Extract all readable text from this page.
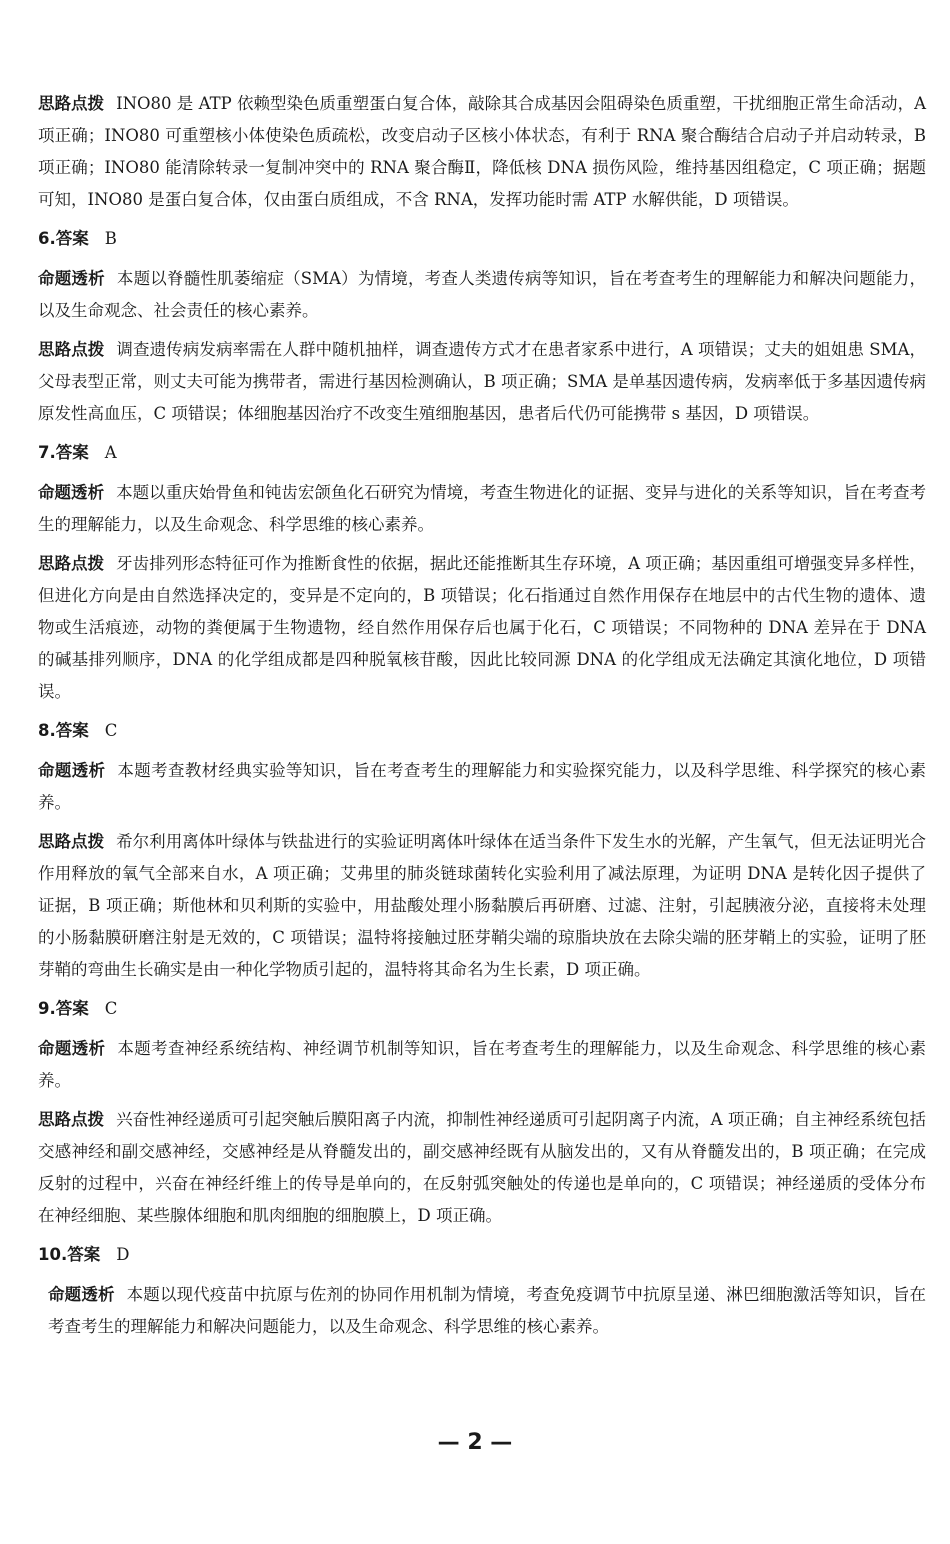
思路点拨 INO80 是 ATP 依赖型染色质重塑蛋白复合体，敲除其合成基因会阻碍染色质重塑，干扰细胞正常生命活动，A 项正确；INO80 可重塑核小体使染色质疏松，改变启动子区核小体状态，有利于 RNA 聚合酶结合启动子并启动转录，B 项正确；INO80 能清除转录一复制冲突中的 RNA 聚合酶Ⅱ，降低核 DNA 损伤风险，维持基因组稳定，C 项正确；据题可知，INO80 是蛋白复合体，仅由蛋白质组成，不含 RNA，发挥功能时需 ATP 水解供能，D 项错误。

6.答案 B

命题透析 本题以脊髓性肌萎缩症（SMA）为情境，考查人类遗传病等知识，旨在考查考生的理解能力和解决问题能力，以及生命观念、社会责任的核心素养。

思路点拨 调查遗传病发病率需在人群中随机抽样，调查遗传方式才在患者家系中进行，A 项错误；丈夫的姐姐患 SMA，父母表型正常，则丈夫可能为携带者，需进行基因检测确认，B 项正确；SMA 是单基因遗传病，发病率低于多基因遗传病原发性高血压，C 项错误；体细胞基因治疗不改变生殖细胞基因，患者后代仍可能携带 s 基因，D 项错误。

7.答案 A

命题透析 本题以重庆始骨鱼和钝齿宏颌鱼化石研究为情境，考查生物进化的证据、变异与进化的关系等知识，旨在考查考生的理解能力，以及生命观念、科学思维的核心素养。

思路点拨 牙齿排列形态特征可作为推断食性的依据，据此还能推断其生存环境，A 项正确；基因重组可增强变异多样性，但进化方向是由自然选择决定的，变异是不定向的，B 项错误；化石指通过自然作用保存在地层中的古代生物的遗体、遗物或生活痕迹，动物的粪便属于生物遗物，经自然作用保存后也属于化石，C 项错误；不同物种的 DNA 差异在于 DNA 的碱基排列顺序，DNA 的化学组成都是四种脱氧核苷酸，因此比较同源 DNA 的化学组成无法确定其演化地位，D 项错误。

8.答案 C

命题透析 本题考查教材经典实验等知识，旨在考查考生的理解能力和实验探究能力，以及科学思维、科学探究的核心素养。

思路点拨 希尔利用离体叶绿体与铁盐进行的实验证明离体叶绿体在适当条件下发生水的光解，产生氧气，但无法证明光合作用释放的氧气全部来自水，A 项正确；艾弗里的肺炎链球菌转化实验利用了减法原理，为证明 DNA 是转化因子提供了证据，B 项正确；斯他林和贝利斯的实验中，用盐酸处理小肠黏膜后再研磨、过滤、注射，引起胰液分泌，直接将未处理的小肠黏膜研磨注射是无效的，C 项错误；温特将接触过胚芽鞘尖端的琼脂块放在去除尖端的胚芽鞘上的实验，证明了胚芽鞘的弯曲生长确实是由一种化学物质引起的，温特将其命名为生长素，D 项正确。

9.答案 C

命题透析 本题考查神经系统结构、神经调节机制等知识，旨在考查考生的理解能力，以及生命观念、科学思维的核心素养。

思路点拨 兴奋性神经递质可引起突触后膜阳离子内流，抑制性神经递质可引起阴离子内流，A 项正确；自主神经系统包括交感神经和副交感神经，交感神经是从脊髓发出的，副交感神经既有从脑发出的，又有从脊髓发出的，B 项正确；在完成反射的过程中，兴奋在神经纤维上的传导是单向的，在反射弧突触处的传递也是单向的，C 项错误；神经递质的受体分布在神经细胞、某些腺体细胞和肌肉细胞的细胞膜上，D 项正确。

10.答案 D

命题透析 本题以现代疫苗中抗原与佐剂的协同作用机制为情境，考查免疫调节中抗原呈递、淋巴细胞激活等知识，旨在考查考生的理解能力和解决问题能力，以及生命观念、科学思维的核心素养。

— 2 —
